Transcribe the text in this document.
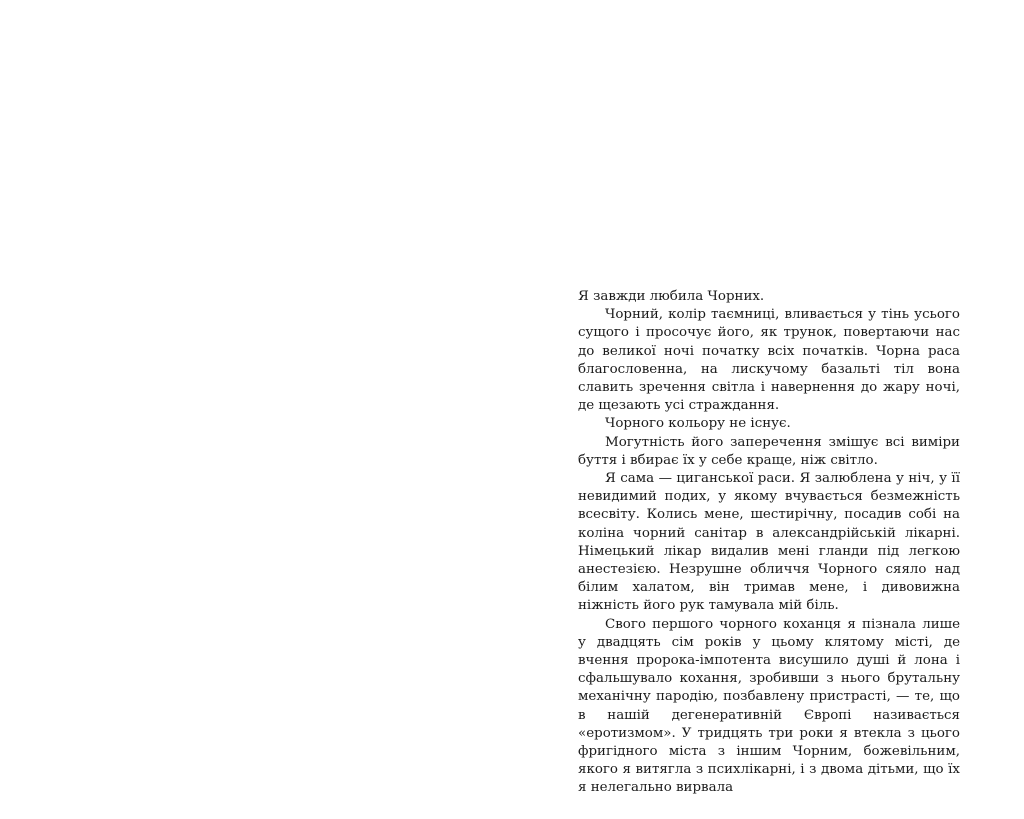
Я завжди любила Чорних.

Чорний, колір таємниці, вливається у тінь усього сущого і просочує його, як трунок, повертаючи нас до великої ночі початку всіх початків. Чорна раса благословенна, на лискучому базальті тіл вона славить зречення світла і навернення до жару ночі, де щезають усі страждання.

Чорного кольору не існує.

Могутність його заперечення змішує всі виміри буття і вбирає їх у себе краще, ніж світло.

Я сама — циганської раси. Я залюблена у ніч, у її невидимий подих, у якому вчувається безмежність всесвіту. Колись мене, шестирічну, посадив собі на коліна чорний санітар в александрійській лікарні. Німецький лікар видалив мені гланди під легкою анестезією. Незрушне обличчя Чорного сяяло над білим халатом, він тримав мене, і дивовижна ніжність його рук тамувала мій біль.

Свого першого чорного коханця я пізнала лише у двадцять сім років у цьому клятому місті, де вчення пророка-імпотента висушило душі й лона і сфальшувало кохання, зробивши з нього брутальну механічну пародію, позбавлену пристрасті, — те, що в нашій дегенеративній Європі називається «еротизмом». У тридцять три роки я втекла з цього фригідного міста з іншим Чорним, божевільним, якого я витягла з психлікарні, і з двома дітьми, що їх я нелегально вирвала
